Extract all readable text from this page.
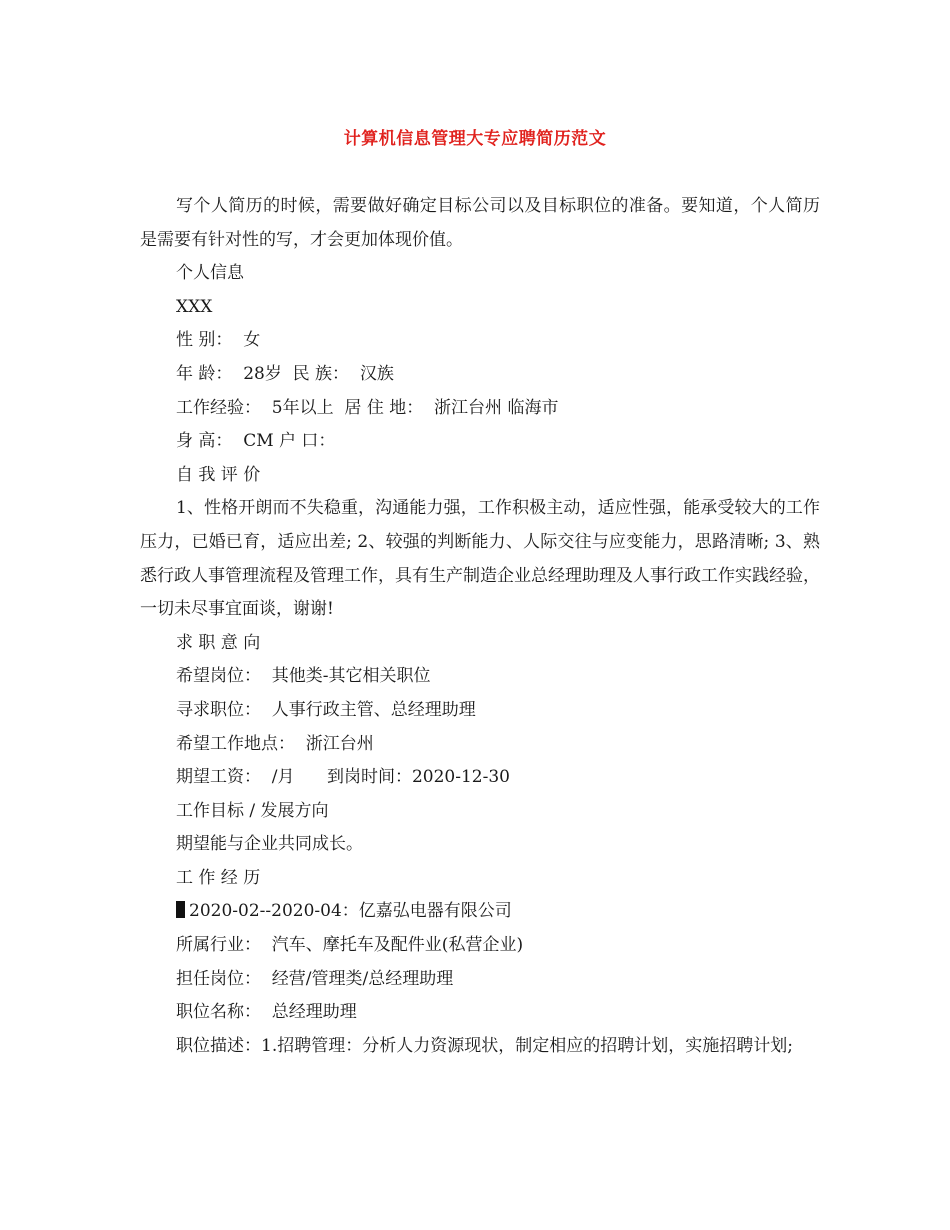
计算机信息管理大专应聘简历范文

写个人简历的时候，需要做好确定目标公司以及目标职位的准备。要知道，个人简历是需要有针对性的写，才会更加体现价值。

个人信息

XXX

性 别：  女

年 龄：  28岁  民 族：  汉族

工作经验：  5年以上  居 住 地：  浙江台州 临海市

身 高：  CM 户 口：

自 我 评 价

1、性格开朗而不失稳重，沟通能力强，工作积极主动，适应性强，能承受较大的工作压力，已婚已育，适应出差; 2、较强的判断能力、人际交往与应变能力，思路清晰; 3、熟悉行政人事管理流程及管理工作，具有生产制造企业总经理助理及人事行政工作实践经验，一切未尽事宜面谈，谢谢!

求 职 意 向

希望岗位：  其他类-其它相关职位

寻求职位：  人事行政主管、总经理助理

希望工作地点：  浙江台州

期望工资：  /月      到岗时间：2020-12-30

工作目标 / 发展方向

期望能与企业共同成长。

工 作 经 历

2020-02--2020-04：亿嘉弘电器有限公司

所属行业：  汽车、摩托车及配件业(私营企业)

担任岗位：  经营/管理类/总经理助理

职位名称：  总经理助理

职位描述：1.招聘管理：分析人力资源现状，制定相应的招聘计划，实施招聘计划;
